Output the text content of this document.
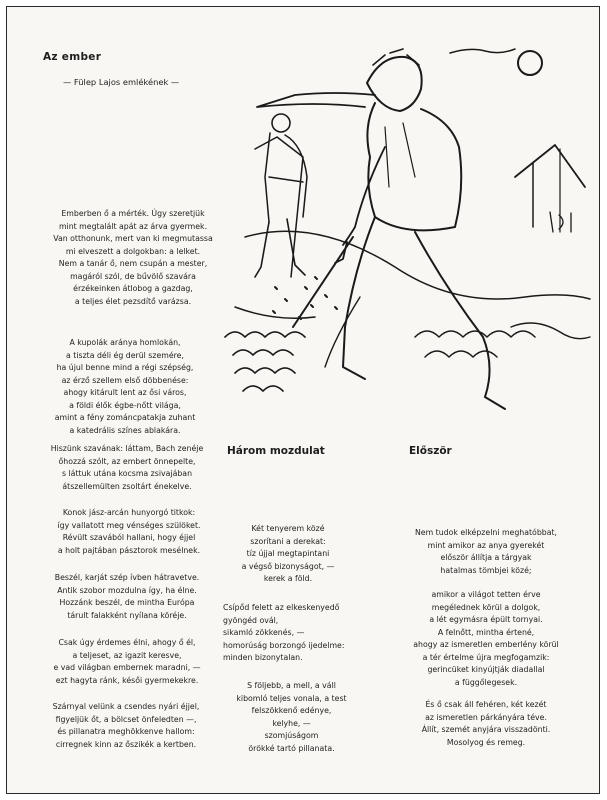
Az ember
— Fülep Lajos emlékének —

Emberben ő a mérték. Úgy szeretjük
mint megtalált apát az árva gyermek.
Van otthonunk, mert van ki megmutassa
mi elveszett a dolgokban: a lelket.
Nem a tanár ő, nem csupán a mester,
magáról szól, de bűvölő szavára
érzékeinken átlobog a gazdag,
a teljes élet pezsdítő varázsa.

A kupolák aránya homlokán,
a tiszta déli ég derül szemére,
ha újul benne mind a régi szépség,
az érző szellem első döbbenése:
ahogy kitárult lent az ősi város,
a földi élők égbe-nőtt világa,
amint a fény zománcpatakja zuhant
a katedrális színes ablakára.

Hiszünk szavának: láttam, Bach zenéje
őhozzá szólt, az embert önnepelte,
s láttuk utána kocsma zsivajában
átszellemülten zsoltárt énekelve.

Konok jász-arcán hunyorgó titkok:
így vallatott meg vénséges szülöket.
Révült szavából hallani, hogy éjjel
a holt pajtában pásztorok mesélnek.

Beszél, karját szép ívben hátravetve.
Antik szobor mozdulna így, ha élne.
Hozzánk beszél, de mintha Európa
tárult falakként nyílana köréje.

Csak úgy érdemes élni, ahogy ő él,
a teljeset, az igazit keresve,
e vad világban embernek maradni, —
ezt hagyta ránk, késői gyermekekre.

Szárnyal velünk a csendes nyári éjjel,
figyeljük őt, a bölcset önfeledten —,
és pillanatra meghökkenve hallom:
cirregnek kinn az őszikék a kertben.

Három mozdulat

Két tenyerem közé
szorítani a derekat:
tíz újjal megtapintani
a végső bizonyságot, —
kerek a föld.

Csípőd felett az elkeskenyedő
gyöngéd ovál,
sikamló zökkenés, —
homorúság borzongó ijedelme:
minden bizonytalan.

S följebb, a mell, a váll
kibomló teljes vonala, a test
felszökkenő edénye,
kelyhe, —
szomjúságom
örökké tartó pillanata.

Először

Nem tudok elképzelni meghatóbbat,
mint amikor az anya gyerekét
először állítja a tárgyak
hatalmas tömbjei közé;

amikor a világot tetten érve
megélednek körül a dolgok,
a lét egymásra épült tornyai.
A felnőtt, mintha értené,
ahogy az ismeretlen emberlény körül
a tér értelme újra megfogamzik:
gerincüket kinyújtják diadallal
a függőlegesek.

És ő csak áll fehéren, két kezét
az ismeretlen párkányára téve.
Állít, szemét anyjára visszadönti.
Mosolyog és remeg.
